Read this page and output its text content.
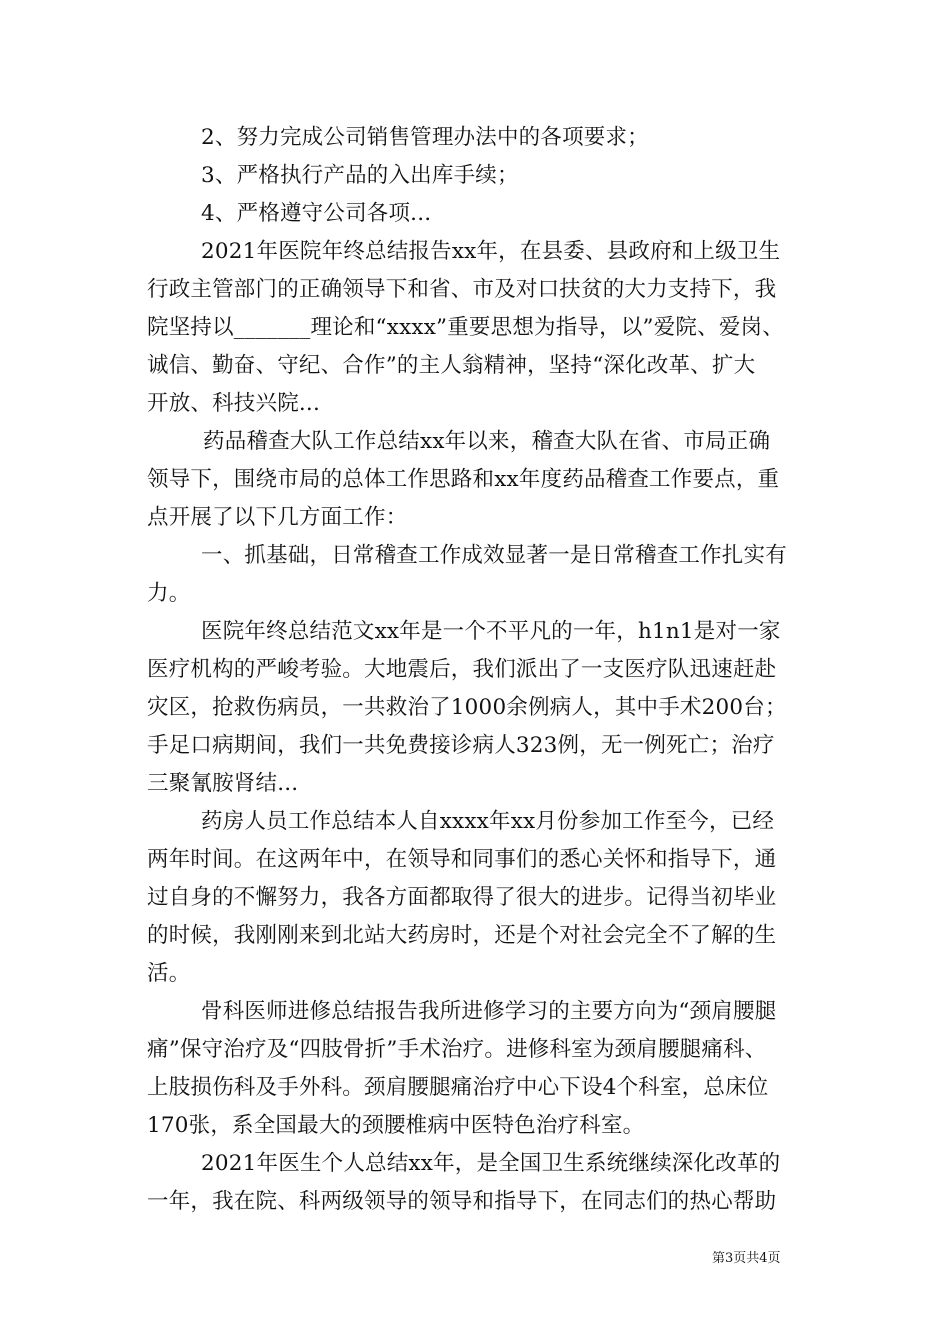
2、努力完成公司销售管理办法中的各项要求；
3、严格执行产品的入出库手续；
4、严格遵守公司各项...
2021年医院年终总结报告xx年，在县委、县政府和上级卫生
行政主管部门的正确领导下和省、市及对口扶贫的大力支持下，我
院坚持以_______理论和“xxxx”重要思想为指导，以”爱院、爱岗、
诚信、勤奋、守纪、合作”的主人翁精神，坚持“深化改革、扩大
开放、科技兴院...
药品稽查大队工作总结xx年以来，稽查大队在省、市局正确
领导下，围绕市局的总体工作思路和xx年度药品稽查工作要点，重
点开展了以下几方面工作：
一、抓基础，日常稽查工作成效显著一是日常稽查工作扎实有
力。
医院年终总结范文xx年是一个不平凡的一年，h1n1是对一家
医疗机构的严峻考验。大地震后，我们派出了一支医疗队迅速赶赴
灾区，抢救伤病员，一共救治了1000余例病人，其中手术200台；
手足口病期间，我们一共免费接诊病人323例，无一例死亡；治疗
三聚氰胺肾结...
药房人员工作总结本人自xxxx年xx月份参加工作至今，已经
两年时间。在这两年中，在领导和同事们的悉心关怀和指导下，通
过自身的不懈努力，我各方面都取得了很大的进步。记得当初毕业
的时候，我刚刚来到北站大药房时，还是个对社会完全不了解的生
活。
骨科医师进修总结报告我所进修学习的主要方向为“颈肩腰腿
痛”保守治疗及“四肢骨折”手术治疗。进修科室为颈肩腰腿痛科、
上肢损伤科及手外科。颈肩腰腿痛治疗中心下设4个科室，总床位
170张，系全国最大的颈腰椎病中医特色治疗科室。
2021年医生个人总结xx年，是全国卫生系统继续深化改革的
一年，我在院、科两级领导的领导和指导下，在同志们的热心帮助
第3页共4页
